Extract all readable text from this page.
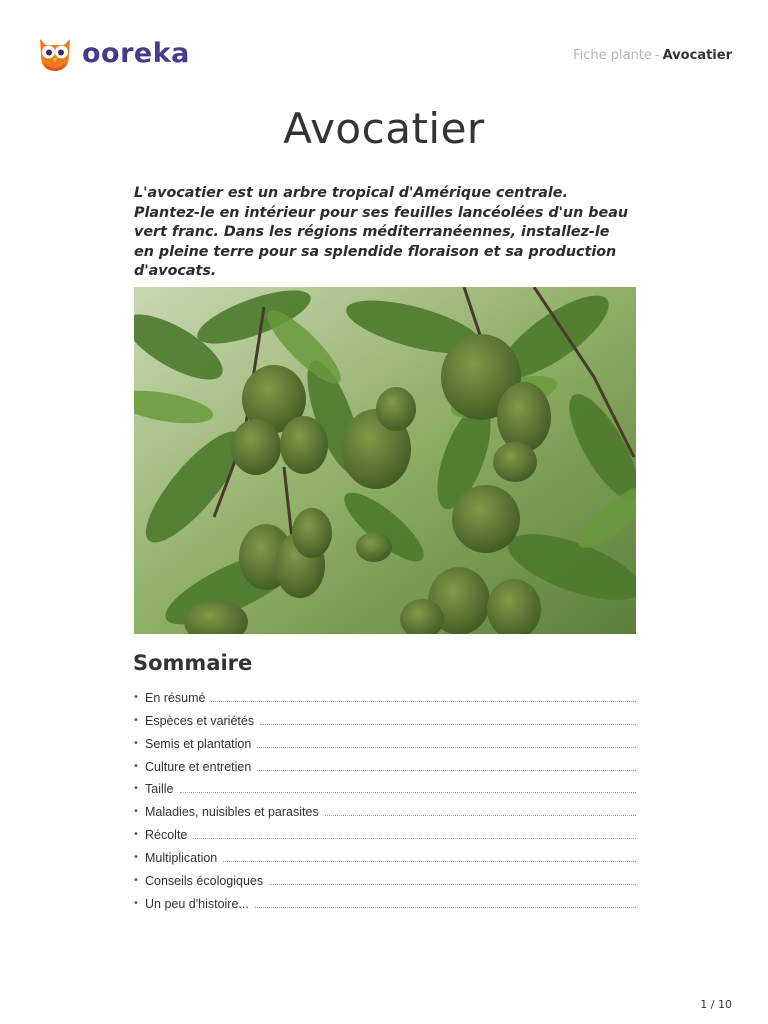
ooreka	Fiche plante - Avocatier
Avocatier

L'avocatier est un arbre tropical d'Amérique centrale. Plantez-le en intérieur pour ses feuilles lancéolées d'un beau vert franc. Dans les régions méditerranéennes, installez-le en pleine terre pour sa splendide floraison et sa production d'avocats.

Sommaire
• En résumé
• Espèces et variétés
• Semis et plantation
• Culture et entretien
• Taille
• Maladies, nuisibles et parasites
• Récolte
• Multiplication
• Conseils écologiques
• Un peu d'histoire...
1 / 10
